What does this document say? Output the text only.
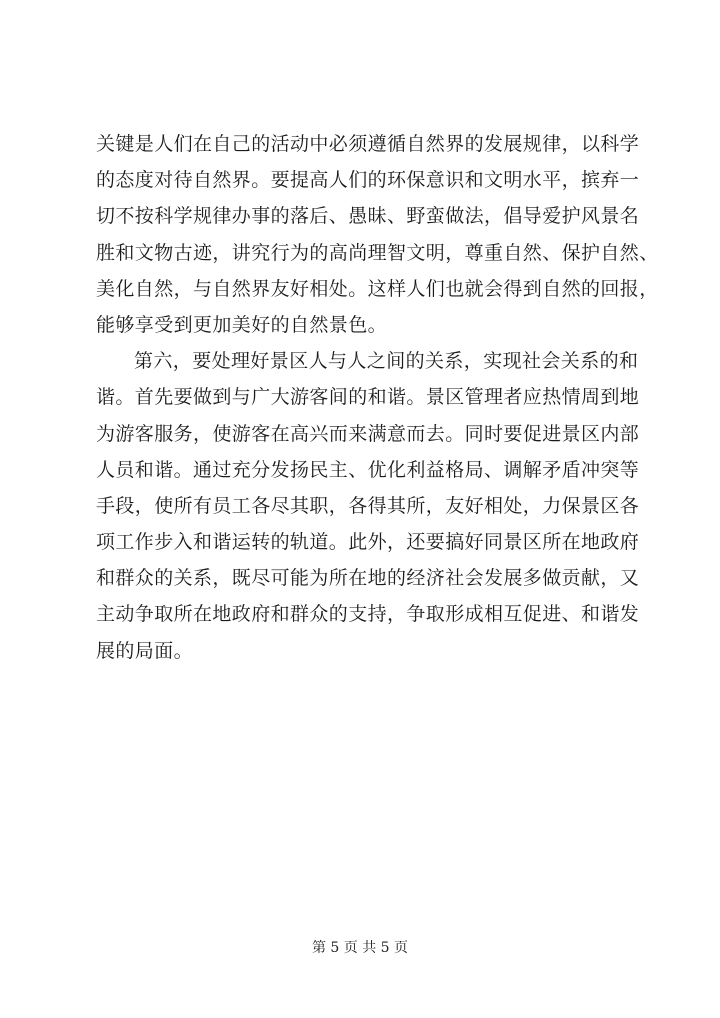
关键是人们在自己的活动中必须遵循自然界的发展规律，以科学
的态度对待自然界。要提高人们的环保意识和文明水平，摈弃一
切不按科学规律办事的落后、愚昧、野蛮做法，倡导爱护风景名
胜和文物古迹，讲究行为的高尚理智文明，尊重自然、保护自然、
美化自然，与自然界友好相处。这样人们也就会得到自然的回报，
能够享受到更加美好的自然景色。
第六，要处理好景区人与人之间的关系，实现社会关系的和
谐。首先要做到与广大游客间的和谐。景区管理者应热情周到地
为游客服务，使游客在高兴而来满意而去。同时要促进景区内部
人员和谐。通过充分发扬民主、优化利益格局、调解矛盾冲突等
手段，使所有员工各尽其职，各得其所，友好相处，力保景区各
项工作步入和谐运转的轨道。此外，还要搞好同景区所在地政府
和群众的关系，既尽可能为所在地的经济社会发展多做贡献，又
主动争取所在地政府和群众的支持，争取形成相互促进、和谐发
展的局面。
第 5 页 共 5 页
